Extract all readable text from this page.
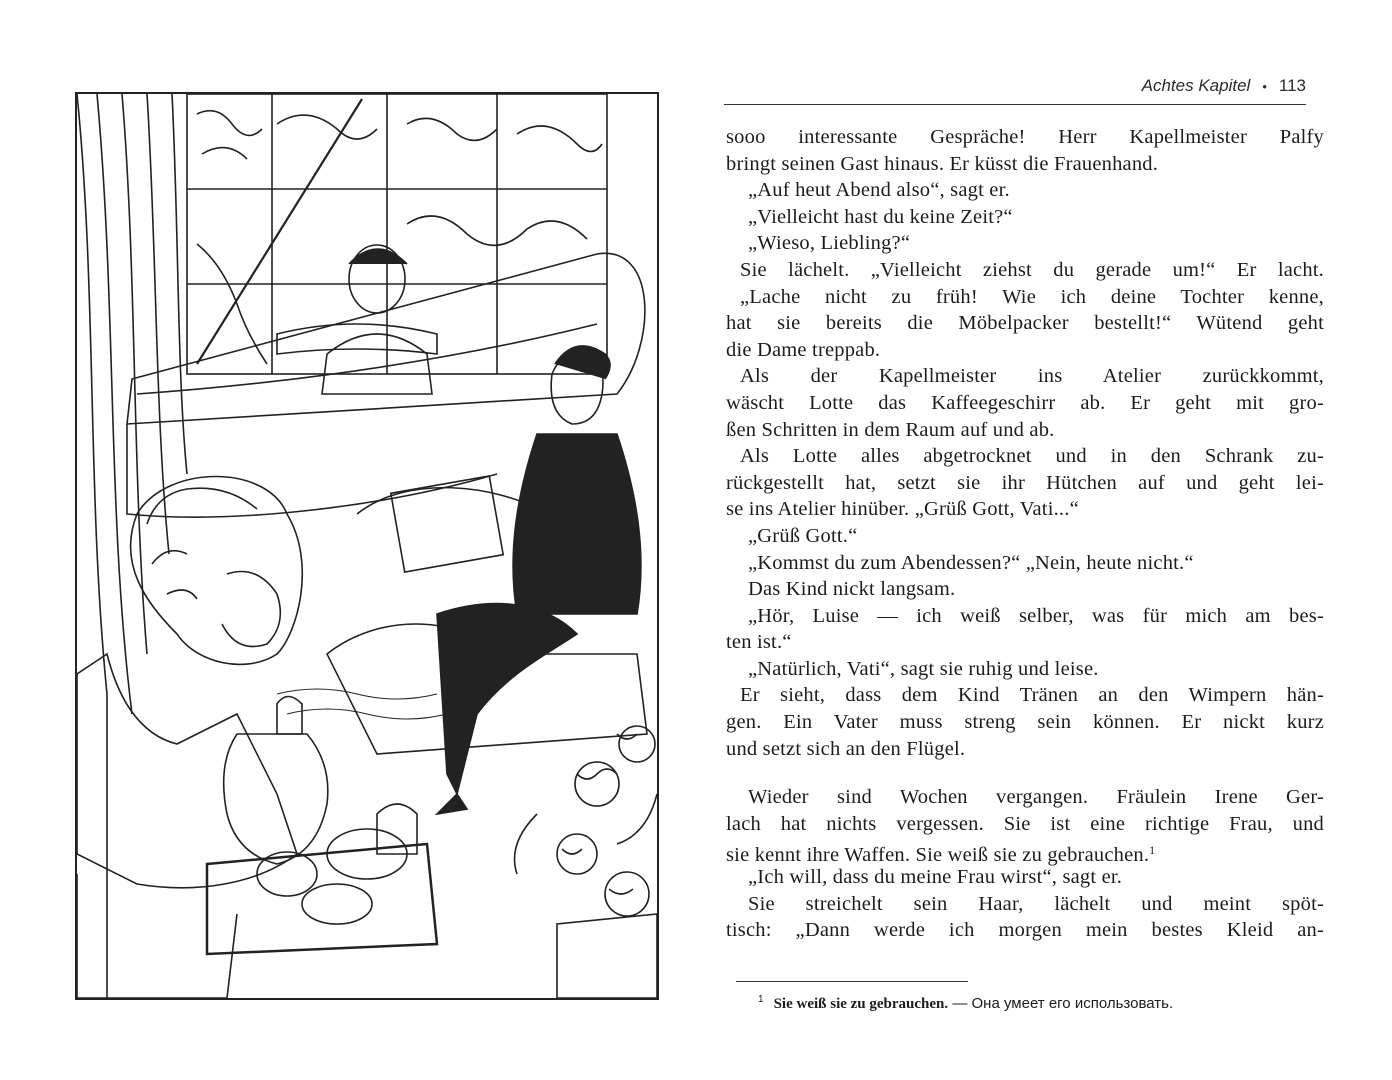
Achtes Kapitel • 113
sooo interessante Gespräche! Herr Kapellmeister Palfy
bringt seinen Gast hinaus. Er küsst die Frauenhand.
„Auf heut Abend also“, sagt er.
„Vielleicht hast du keine Zeit?“
„Wieso, Liebling?“
Sie lächelt. „Vielleicht ziehst du gerade um!“ Er lacht.
„Lache nicht zu früh! Wie ich deine Tochter kenne,
hat sie bereits die Möbelpacker bestellt!“ Wütend geht
die Dame treppab.
Als der Kapellmeister ins Atelier zurückkommt,
wäscht Lotte das Kaffeegeschirr ab. Er geht mit gro-
ßen Schritten in dem Raum auf und ab.
Als Lotte alles abgetrocknet und in den Schrank zu-
rückgestellt hat, setzt sie ihr Hütchen auf und geht lei-
se ins Atelier hinüber. „Grüß Gott, Vati...“
„Grüß Gott.“
„Kommst du zum Abendessen?“ „Nein, heute nicht.“
Das Kind nickt langsam.
„Hör, Luise — ich weiß selber, was für mich am bes-
ten ist.“
„Natürlich, Vati“, sagt sie ruhig und leise.
Er sieht, dass dem Kind Tränen an den Wimpern hän-
gen. Ein Vater muss streng sein können. Er nickt kurz
und setzt sich an den Flügel.
Wieder sind Wochen vergangen. Fräulein Irene Ger-
lach hat nichts vergessen. Sie ist eine richtige Frau, und
sie kennt ihre Waffen. Sie weiß sie zu gebrauchen.$^1$
„Ich will, dass du meine Frau wirst“, sagt er.
Sie streichelt sein Haar, lächelt und meint spöt-
tisch: „Dann werde ich morgen mein bestes Kleid an-
$^1$ Sie weiß sie zu gebrauchen. — Она умеет его использовать.
